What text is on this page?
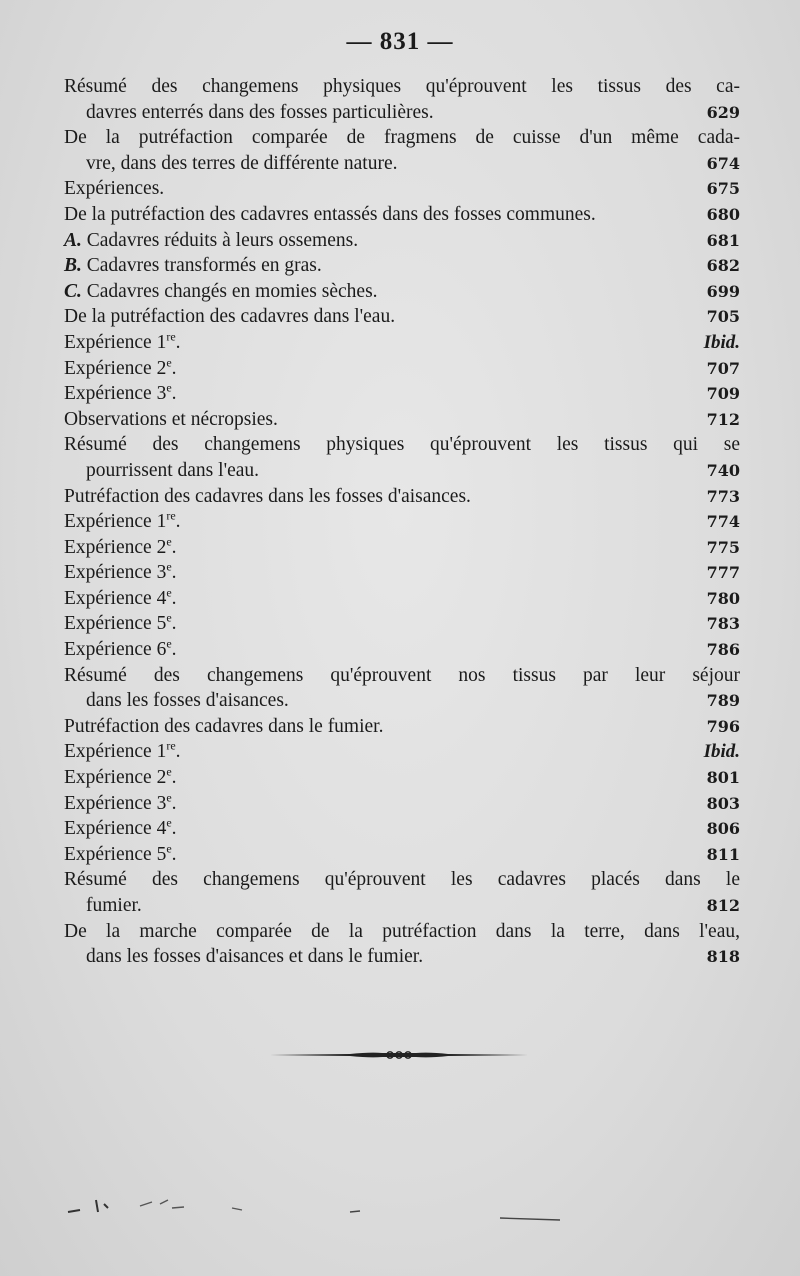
— 831 —
Résumé des changemens physiques qu'éprouvent les tissus des ca-
davres enterrés dans des fosses particulières.	629
De la putréfaction comparée de fragmens de cuisse d'un même cada-
vre, dans des terres de différente nature.	674
Expériences.	675
De la putréfaction des cadavres entassés dans des fosses communes.	680
A. Cadavres réduits à leurs ossemens.	681
B. Cadavres transformés en gras.	682
C. Cadavres changés en momies sèches.	699
De la putréfaction des cadavres dans l'eau.	705
Expérience 1re.	Ibid.
Expérience 2e.	707
Expérience 3e.	709
Observations et nécropsies.	712
Résumé des changemens physiques qu'éprouvent les tissus qui se
pourrissent dans l'eau.	740
Putréfaction des cadavres dans les fosses d'aisances.	773
Expérience 1re.	774
Expérience 2e.	775
Expérience 3e.	777
Expérience 4e.	780
Expérience 5e.	783
Expérience 6e.	786
Résumé des changemens qu'éprouvent nos tissus par leur séjour
dans les fosses d'aisances.	789
Putréfaction des cadavres dans le fumier.	796
Expérience 1re.	Ibid.
Expérience 2e.	801
Expérience 3e.	803
Expérience 4e.	806
Expérience 5e.	811
Résumé des changemens qu'éprouvent les cadavres placés dans le
fumier.	812
De la marche comparée de la putréfaction dans la terre, dans l'eau,
dans les fosses d'aisances et dans le fumier.	818
